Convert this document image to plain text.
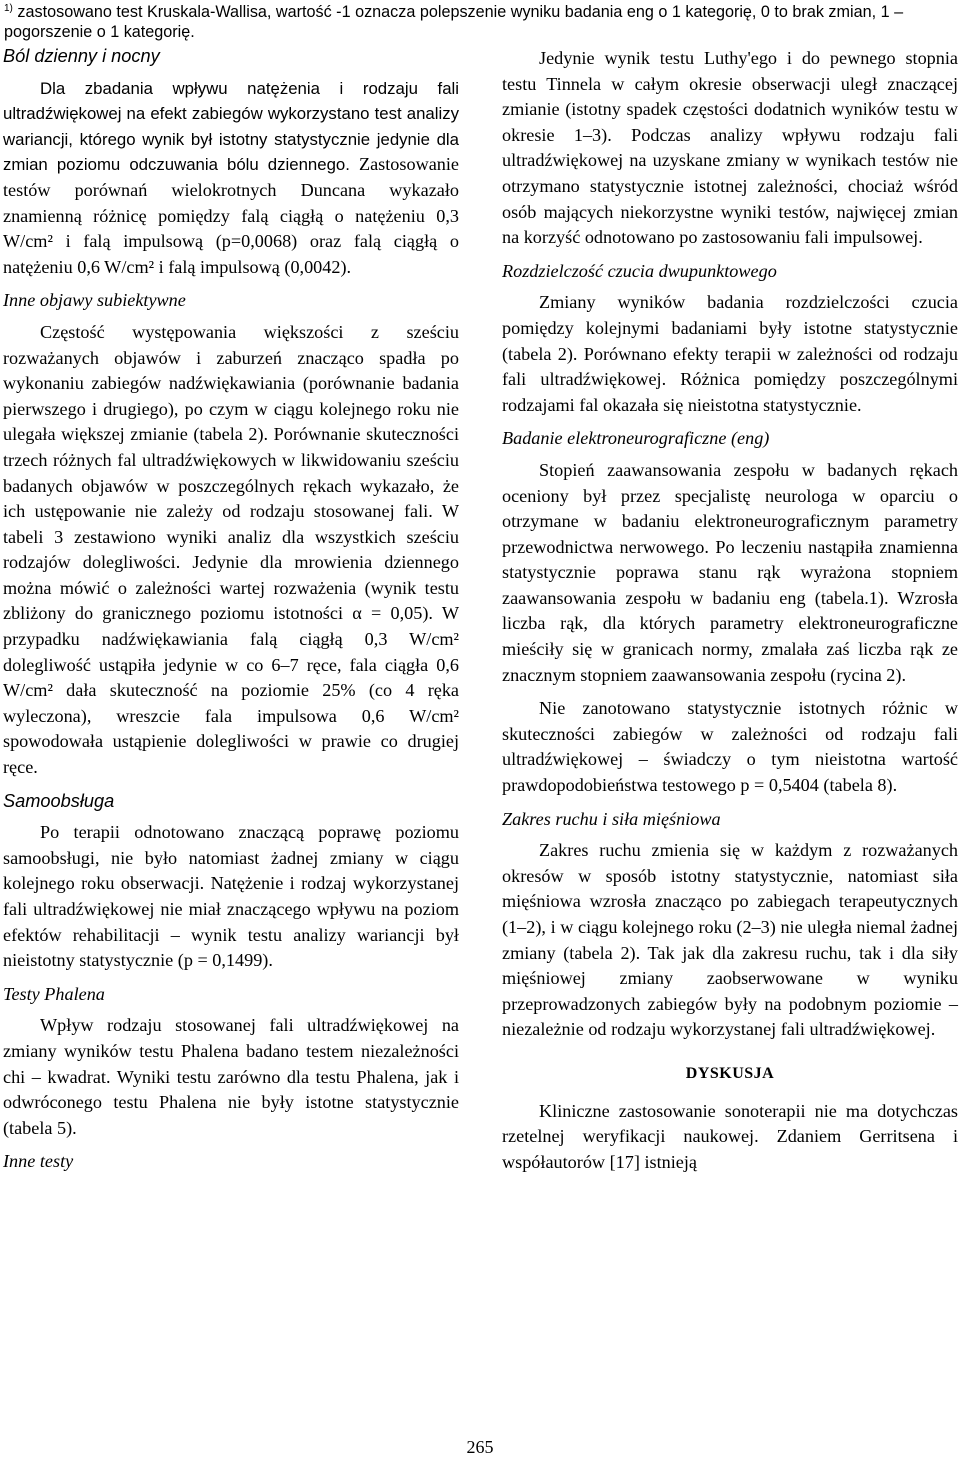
$^{1)}$ zastosowano test Kruskala-Wallisa, wartość -1 oznacza polepszenie wyniku badania eng o 1 kategorię, 0 to brak zmian, 1 – pogorszenie o 1 kategorię.
Ból dzienny i nocny

Dla zbadania wpływu natężenia i rodzaju fali ultradźwiękowej na efekt zabiegów wykorzystano test analizy wariancji, którego wynik był istotny statystycznie jedynie dla zmian poziomu odczuwania bólu dziennego. Zastosowanie testów porównań wielokrotnych Duncana wykazało znamienną różnicę pomiędzy falą ciągłą o natężeniu 0,3 W/cm² i falą impulsową (p=0,0068) oraz falą ciągłą o natężeniu 0,6 W/cm² i falą impulsową (0,0042).

Inne objawy subiektywne

Częstość występowania większości z sześciu rozważanych objawów i zaburzeń znacząco spadła po wykonaniu zabiegów nadźwiękawiania (porównanie badania pierwszego i drugiego), po czym w ciągu kolejnego roku nie ulegała większej zmianie (tabela 2). Porównanie skuteczności trzech różnych fal ultradźwiękowych w likwidowaniu sześciu badanych objawów w poszczególnych rękach wykazało, że ich ustępowanie nie zależy od rodzaju stosowanej fali. W tabeli 3 zestawiono wyniki analiz dla wszystkich sześciu rodzajów dolegliwości. Jedynie dla mrowienia dziennego można mówić o zależności wartej rozważenia (wynik testu zbliżony do granicznego poziomu istotności α = 0,05). W przypadku nadźwiękawiania falą ciągłą 0,3 W/cm² dolegliwość ustąpiła jedynie w co 6–7 ręce, fala ciągła 0,6 W/cm² dała skuteczność na poziomie 25% (co 4 ręka wyleczona), wreszcie fala impulsowa 0,6 W/cm² spowodowała ustąpienie dolegliwości w prawie co drugiej ręce.

Samoobsługa

Po terapii odnotowano znaczącą poprawę poziomu samoobsługi, nie było natomiast żadnej zmiany w ciągu kolejnego roku obserwacji. Natężenie i rodzaj wykorzystanej fali ultradźwiękowej nie miał znaczącego wpływu na poziom efektów rehabilitacji – wynik testu analizy wariancji był nieistotny statystycznie (p = 0,1499).

Testy Phalena

Wpływ rodzaju stosowanej fali ultradźwiękowej na zmiany wyników testu Phalena badano testem niezależności chi – kwadrat. Wyniki testu zarówno dla testu Phalena, jak i odwróconego testu Phalena nie były istotne statystycznie (tabela 5).

Inne testy

Jedynie wynik testu Luthy'ego i do pewnego stopnia testu Tinnela w całym okresie obserwacji uległ znaczącej zmianie (istotny spadek częstości dodatnich wyników testu w okresie 1–3). Podczas analizy wpływu rodzaju fali ultradźwiękowej na uzyskane zmiany w wynikach testów nie otrzymano statystycznie istotnej zależności, chociaż wśród osób mających niekorzystne wyniki testów, najwięcej zmian na korzyść odnotowano po zastosowaniu fali impulsowej.

Rozdzielczość czucia dwupunktowego

Zmiany wyników badania rozdzielczości czucia pomiędzy kolejnymi badaniami były istotne statystycznie (tabela 2). Porównano efekty terapii w zależności od rodzaju fali ultradźwiękowej. Różnica pomiędzy poszczególnymi rodzajami fal okazała się nieistotna statystycznie.

Badanie elektroneurograficzne (eng)

Stopień zaawansowania zespołu w badanych rękach oceniony był przez specjalistę neurologa w oparciu o otrzymane w badaniu elektroneurograficznym parametry przewodnictwa nerwowego. Po leczeniu nastąpiła znamienna statystycznie poprawa stanu rąk wyrażona stopniem zaawansowania zespołu w badaniu eng (tabela.1). Wzrosła liczba rąk, dla których parametry elektroneurograficzne mieściły się w granicach normy, zmalała zaś liczba rąk ze znacznym stopniem zaawansowania zespołu (rycina 2).

Nie zanotowano statystycznie istotnych różnic w skuteczności zabiegów w zależności od rodzaju fali ultradźwiękowej – świadczy o tym nieistotna wartość prawdopodobieństwa testowego p = 0,5404 (tabela 8).

Zakres ruchu i siła mięśniowa

Zakres ruchu zmienia się w każdym z rozważanych okresów w sposób istotny statystycznie, natomiast siła mięśniowa wzrosła znacząco po zabiegach terapeutycznych (1–2), i w ciągu kolejnego roku (2–3) nie uległa niemal żadnej zmiany (tabela 2). Tak jak dla zakresu ruchu, tak i dla siły mięśniowej zmiany zaobserwowane w wyniku przeprowadzonych zabiegów były na podobnym poziomie – niezależnie od rodzaju wykorzystanej fali ultradźwiękowej.

DYSKUSJA

Kliniczne zastosowanie sonoterapii nie ma dotychczas rzetelnej weryfikacji naukowej. Zdaniem Gerritsena i współautorów [17] istnieją

265
